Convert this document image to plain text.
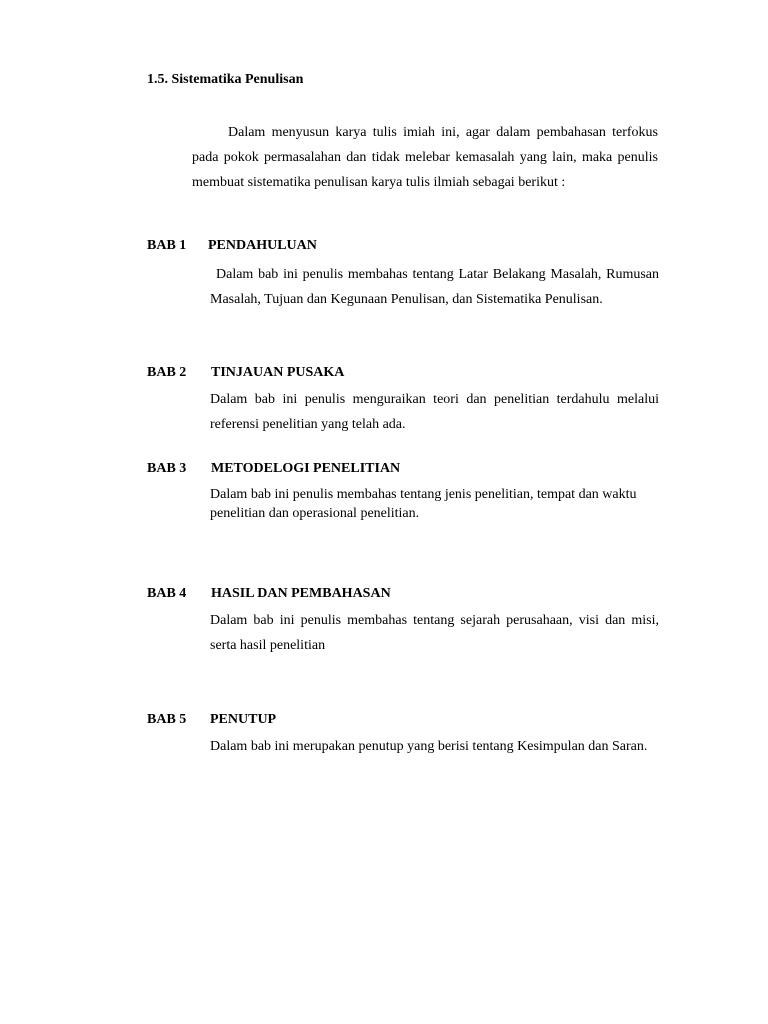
1.5. Sistematika Penulisan
Dalam menyusun karya tulis imiah ini, agar dalam pembahasan terfokus pada pokok permasalahan dan tidak melebar kemasalah yang lain, maka penulis membuat sistematika penulisan karya tulis ilmiah sebagai berikut :
BAB 1 PENDAHULUAN
Dalam bab ini penulis membahas tentang Latar Belakang Masalah, Rumusan Masalah, Tujuan dan Kegunaan Penulisan, dan Sistematika Penulisan.
BAB 2 TINJAUAN PUSAKA
Dalam bab ini penulis menguraikan teori dan penelitian terdahulu melalui referensi penelitian yang telah ada.
BAB 3 METODELOGI PENELITIAN
Dalam bab ini penulis membahas tentang jenis penelitian, tempat dan waktu penelitian dan operasional penelitian.
BAB 4 HASIL DAN PEMBAHASAN
Dalam bab ini penulis membahas tentang sejarah perusahaan, visi dan misi, serta hasil penelitian
BAB 5 PENUTUP
Dalam bab ini merupakan penutup yang berisi tentang Kesimpulan dan Saran.
